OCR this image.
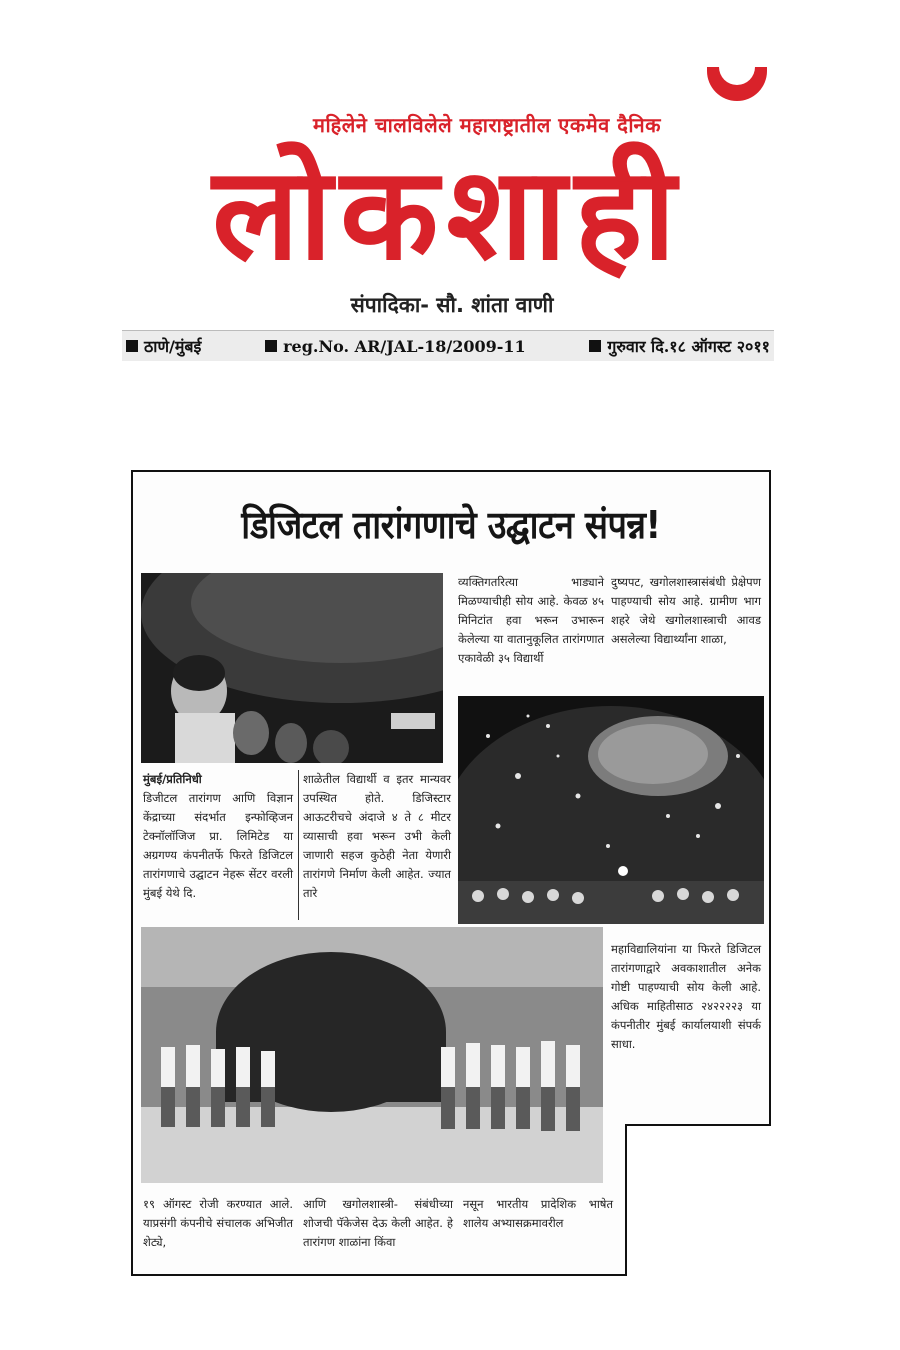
महिलेने चालविलेले महाराष्ट्रातील एकमेव दैनिक
लोकशाही
संपादिका- सौ. शांता वाणी
ठाणे/मुंबई	reg.No. AR/JAL-18/2009-11	गुरुवार दि.१८ ऑगस्ट २०११
डिजिटल तारांगणाचे उद्घाटन संपन्न!
मुंबई/प्रतिनिधी
डिजीटल तारांगण आणि विज्ञान केंद्राच्या संदर्भात इन्फोव्हिजन टेक्नॉलॉजिज प्रा. लिमिटेड या अग्रगण्य कंपनीतर्फे फिरते डिजिटल तारांगणाचे उद्घाटन नेहरू सेंटर वरली मुंबई येथे दि.
शाळेतील विद्यार्थी व इतर मान्यवर उपस्थित होते. डिजिस्टार आऊटरीचचे अंदाजे ४ ते ८ मीटर व्यासाची हवा भरून उभी केली जाणारी सहज कुठेही नेता येणारी तारांगणे निर्माण केली आहेत. ज्यात तारे
व्यक्तिगतरित्या भाड्याने मिळण्याचीही सोय आहे. केवळ ४५ मिनिटांत हवा भरून उभारून केलेल्या या वातानुकूलित तारांगणात एकावेळी ३५ विद्यार्थी
दुष्यपट, खगोलशास्त्रासंबंधी प्रेक्षेपण पाहण्याची सोय आहे. ग्रामीण भाग शहरे जेथे खगोलशास्त्राची आवड असलेल्या विद्यार्थ्यांना शाळा,
महाविद्यालियांना या फिरते डिजिटल तारांगणाद्वारे अवकाशातील अनेक गोष्टी पाहण्याची सोय केली आहे. अधिक माहितीसाठ २४२२२२३ या कंपनीतीर मुंबई कार्यालयाशी संपर्क साधा.
१९ ऑगस्ट रोजी करण्यात आले. याप्रसंगी कंपनीचे संचालक अभिजीत शेट्ये,
आणि खगोलशास्त्री- संबंधीच्या शोजची पॅकेजेस देऊ केली आहेत. हे तारांगण शाळांना किंवा
नसून भारतीय प्रादेशिक भाषेत शालेय अभ्यासक्रमावरील
